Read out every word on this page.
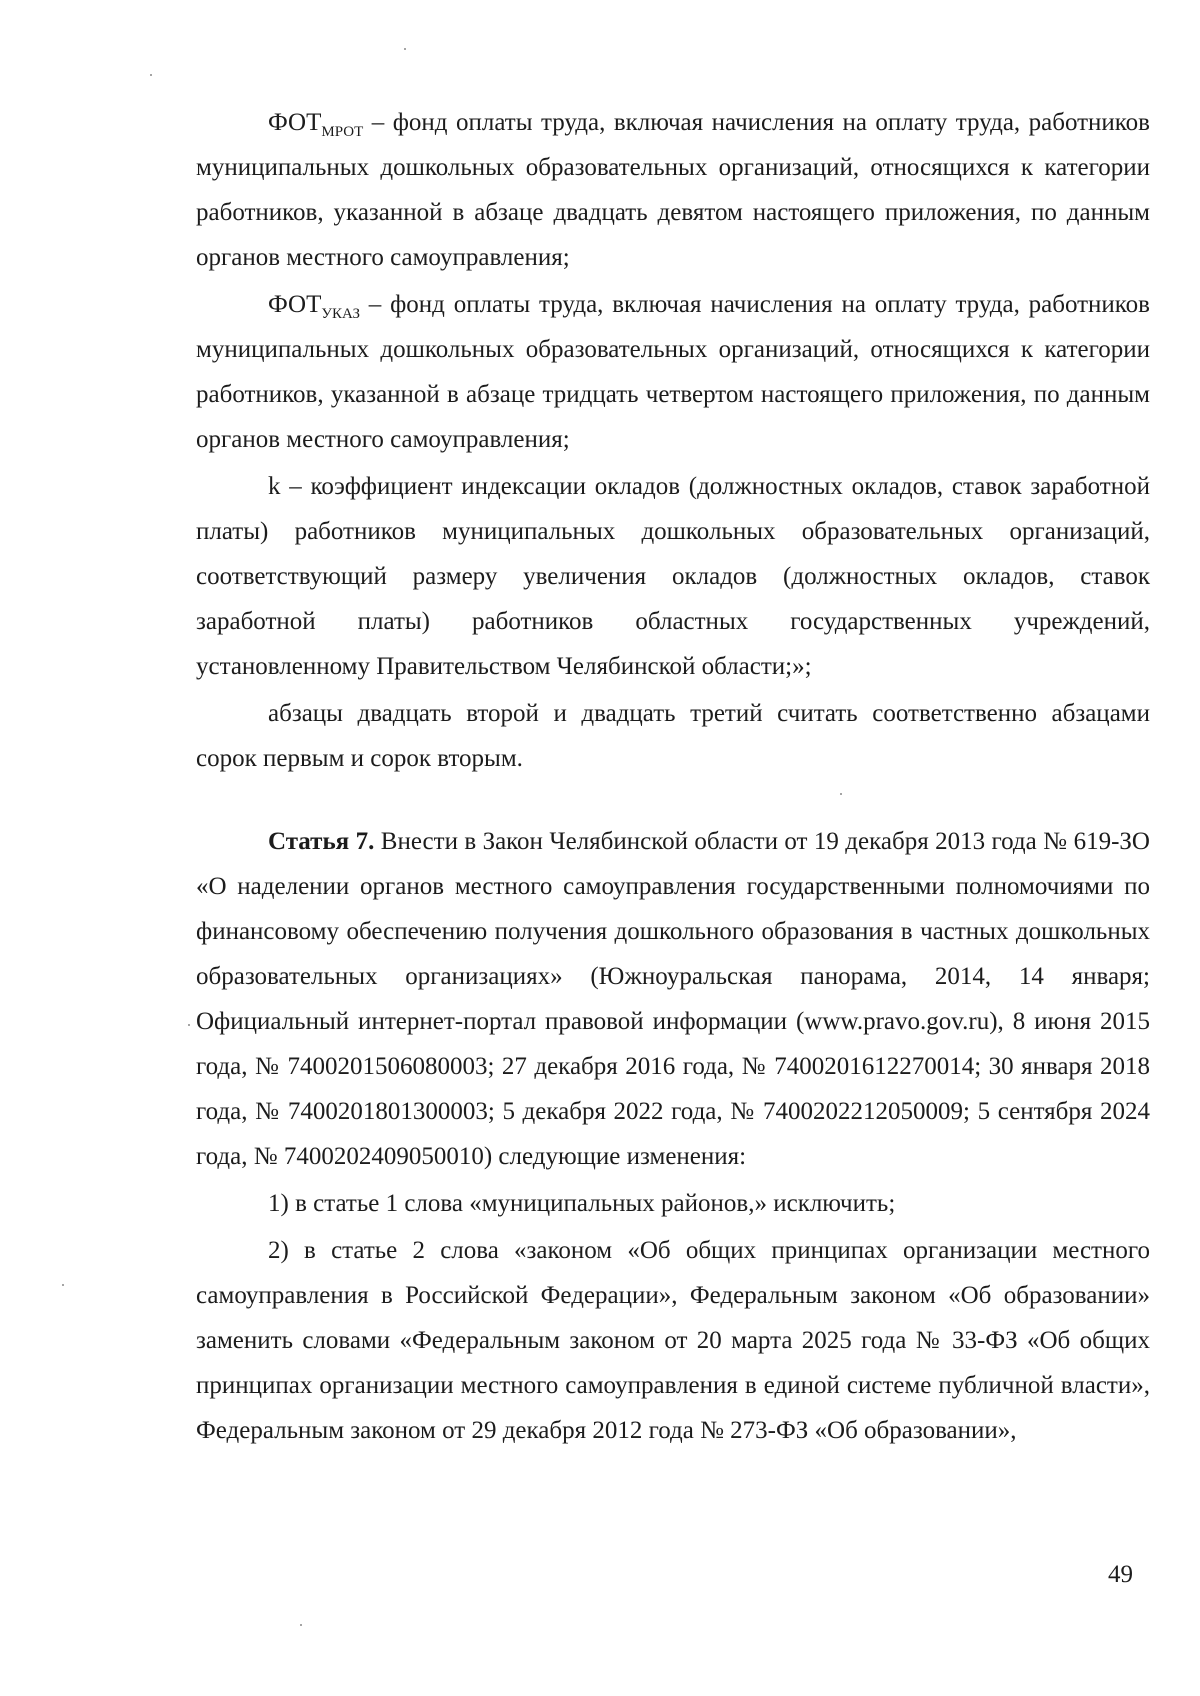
$ФОТ_{МРОТ}$ – фонд оплаты труда, включая начисления на оплату труда, работников муниципальных дошкольных образовательных организаций, относящихся к категории работников, указанной в абзаце двадцать девятом настоящего приложения, по данным органов местного самоуправления;

$ФОТ_{УКАЗ}$ – фонд оплаты труда, включая начисления на оплату труда, работников муниципальных дошкольных образовательных организаций, относящихся к категории работников, указанной в абзаце тридцать четвертом настоящего приложения, по данным органов местного самоуправления;

k – коэффициент индексации окладов (должностных окладов, ставок заработной платы) работников муниципальных дошкольных образовательных организаций, соответствующий размеру увеличения окладов (должностных окладов, ставок заработной платы) работников областных государственных учреждений, установленному Правительством Челябинской области;»;

абзацы двадцать второй и двадцать третий считать соответственно абзацами сорок первым и сорок вторым.

Статья 7. Внести в Закон Челябинской области от 19 декабря 2013 года № 619-ЗО «О наделении органов местного самоуправления государственными полномочиями по финансовому обеспечению получения дошкольного образования в частных дошкольных образовательных организациях» (Южноуральская панорама, 2014, 14 января; Официальный интернет-портал правовой информации (www.pravo.gov.ru), 8 июня 2015 года, № 7400201506080003; 27 декабря 2016 года, № 7400201612270014; 30 января 2018 года, № 7400201801300003; 5 декабря 2022 года, № 7400202212050009; 5 сентября 2024 года, № 7400202409050010) следующие изменения:

1) в статье 1 слова «муниципальных районов,» исключить;

2) в статье 2 слова «законом «Об общих принципах организации местного самоуправления в Российской Федерации», Федеральным законом «Об образовании» заменить словами «Федеральным законом от 20 марта 2025 года № 33-ФЗ «Об общих принципах организации местного самоуправления в единой системе публичной власти», Федеральным законом от 29 декабря 2012 года № 273-ФЗ «Об образовании»,

49
